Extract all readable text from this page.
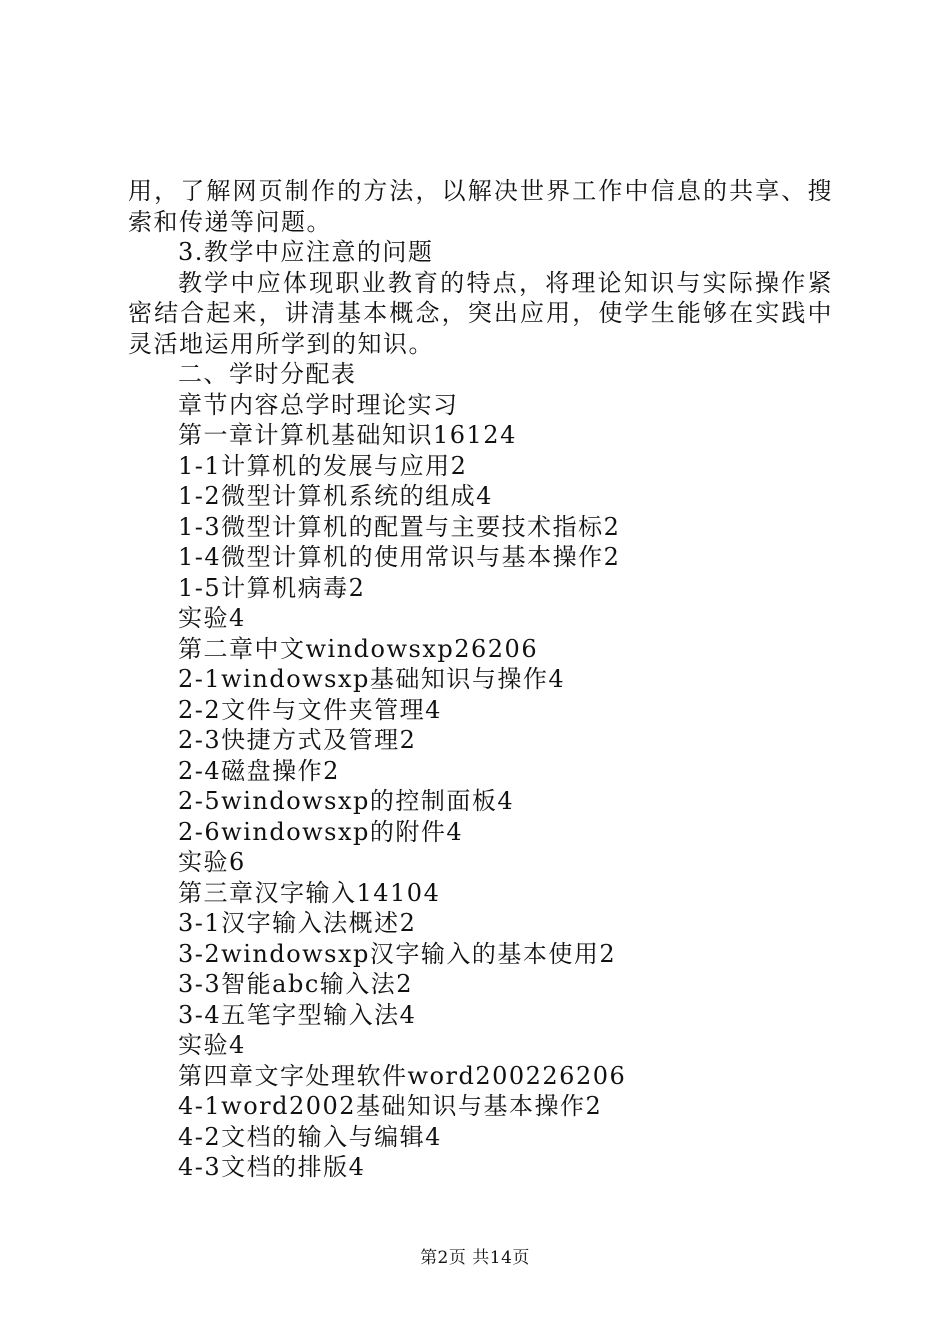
用，了解网页制作的方法，以解决世界工作中信息的共享、搜索和传递等问题。

3.教学中应注意的问题

教学中应体现职业教育的特点，将理论知识与实际操作紧密结合起来，讲清基本概念，突出应用，使学生能够在实践中灵活地运用所学到的知识。

二、学时分配表

章节内容总学时理论实习

第一章计算机基础知识16124

1-1计算机的发展与应用2

1-2微型计算机系统的组成4

1-3微型计算机的配置与主要技术指标2

1-4微型计算机的使用常识与基本操作2

1-5计算机病毒2

实验4

第二章中文windowsxp26206

2-1windowsxp基础知识与操作4

2-2文件与文件夹管理4

2-3快捷方式及管理2

2-4磁盘操作2

2-5windowsxp的控制面板4

2-6windowsxp的附件4

实验6

第三章汉字输入14104

3-1汉字输入法概述2

3-2windowsxp汉字输入的基本使用2

3-3智能abc输入法2

3-4五笔字型输入法4

实验4

第四章文字处理软件word200226206

4-1word2002基础知识与基本操作2

4-2文档的输入与编辑4

4-3文档的排版4

第2页 共14页
